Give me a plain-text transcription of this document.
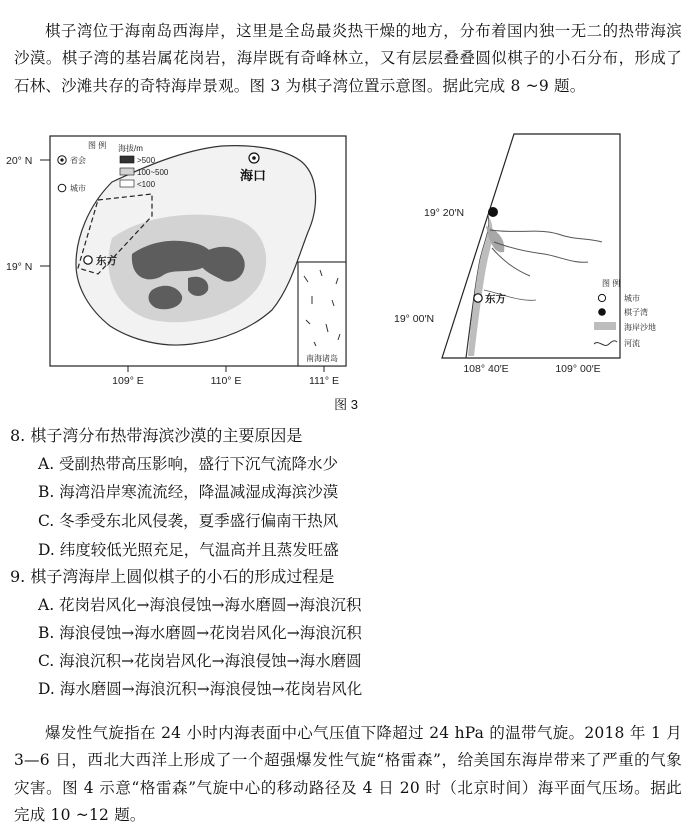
棋子湾位于海南岛西海岸，这里是全岛最炎热干燥的地方，分布着国内独一无二的热带海滨沙漠。棋子湾的基岩属花岗岩，海岸既有奇峰林立，又有层层叠叠圆似棋子的小石分布，形成了石林、沙滩共存的奇特海岸景观。图 3 为棋子湾位置示意图。据此完成 8 ~9 题。

南海诸岛
图 例
省会
城市
海拔/m
>500
100~500
<100
海口
东方
20° N
19° N
109° E	110° E	111° E
东方
19° 20′N
19° 00′N
108° 40′E	109° 00′E
图 例
城市
棋子湾
海岸沙地
河流
图 3
8. 棋子湾分布热带海滨沙漠的主要原因是
A. 受副热带高压影响，盛行下沉气流降水少
B. 海湾沿岸寒流流经，降温减湿成海滨沙漠
C. 冬季受东北风侵袭，夏季盛行偏南干热风
D. 纬度较低光照充足，气温高并且蒸发旺盛
9. 棋子湾海岸上圆似棋子的小石的形成过程是
A. 花岗岩风化→海浪侵蚀→海水磨圆→海浪沉积
B. 海浪侵蚀→海水磨圆→花岗岩风化→海浪沉积
C. 海浪沉积→花岗岩风化→海浪侵蚀→海水磨圆
D. 海水磨圆→海浪沉积→海浪侵蚀→花岗岩风化

爆发性气旋指在 24 小时内海表面中心气压值下降超过 24 hPa 的温带气旋。2018 年 1 月 3—6 日，西北大西洋上形成了一个超强爆发性气旋“格雷森”，给美国东海岸带来了严重的气象灾害。图 4 示意“格雷森”气旋中心的移动路径及 4 日 20 时（北京时间）海平面气压场。据此完成 10 ~12 题。
